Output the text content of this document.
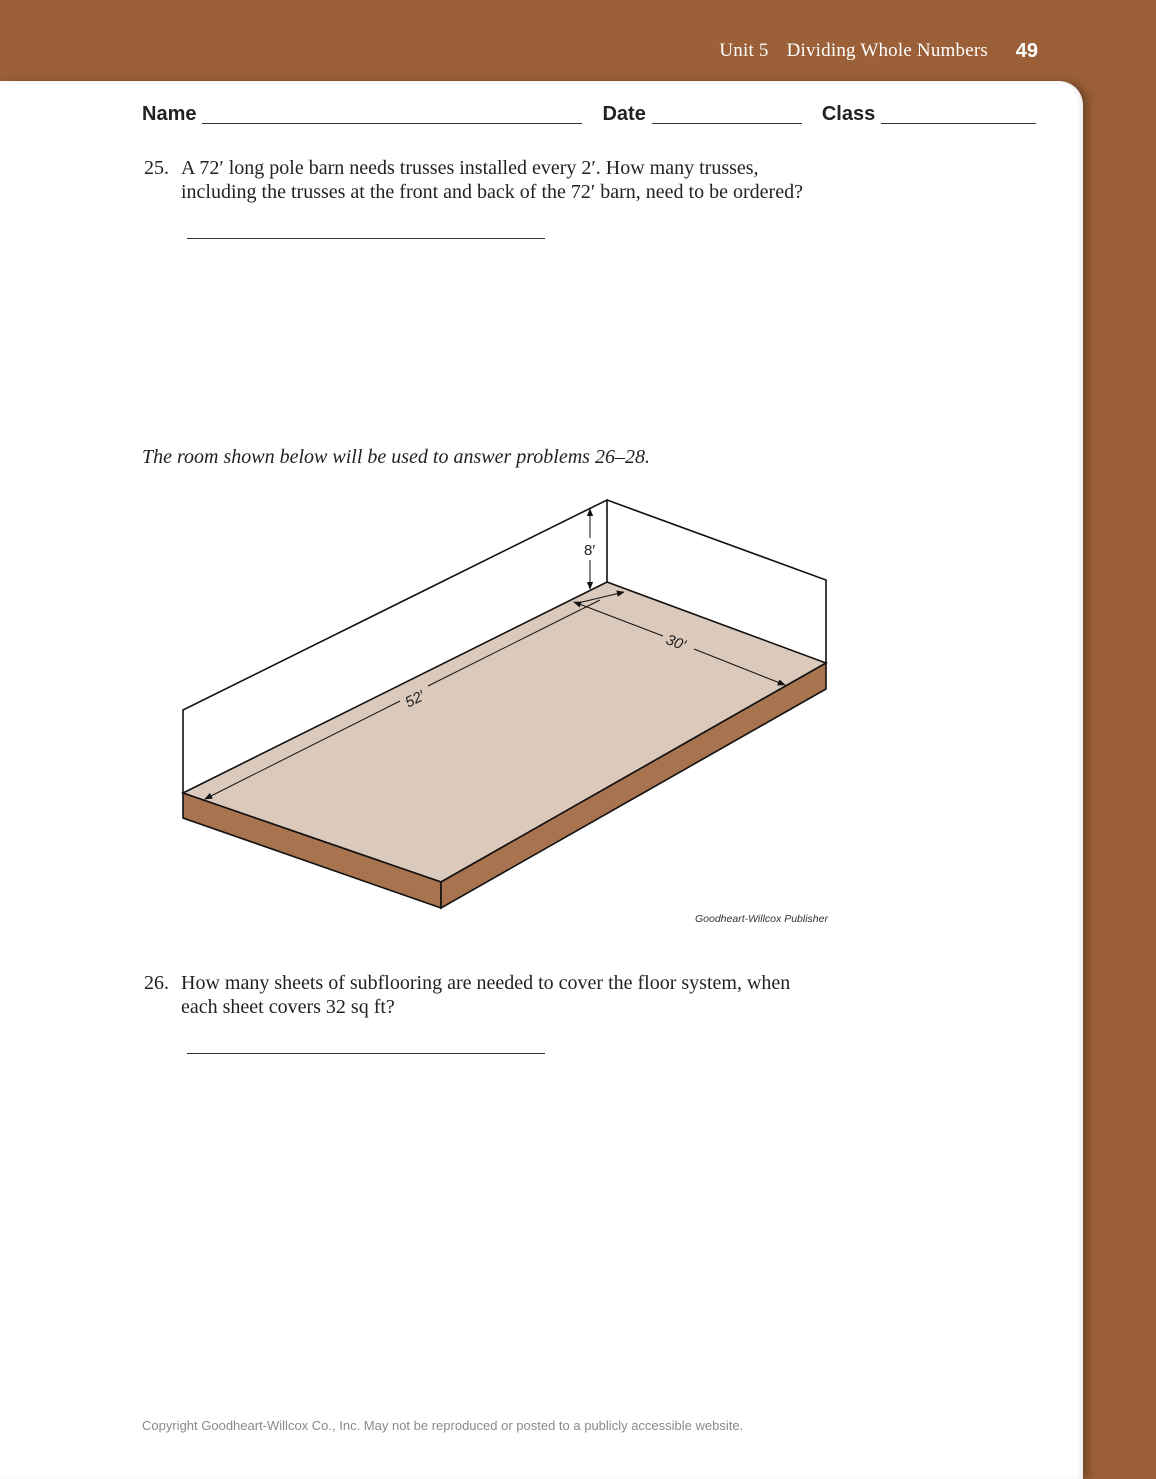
Unit 5 Dividing Whole Numbers 49
Name	Date	Class
25. A 72′ long pole barn needs trusses installed every 2′. How many trusses,
including the trusses at the front and back of the 72′ barn, need to be ordered?
The room shown below will be used to answer problems 26–28.
8′
30′
52′
Goodheart-Willcox Publisher
26. How many sheets of subflooring are needed to cover the floor system, when
each sheet covers 32 sq ft?
Copyright Goodheart-Willcox Co., Inc. May not be reproduced or posted to a publicly accessible website.
